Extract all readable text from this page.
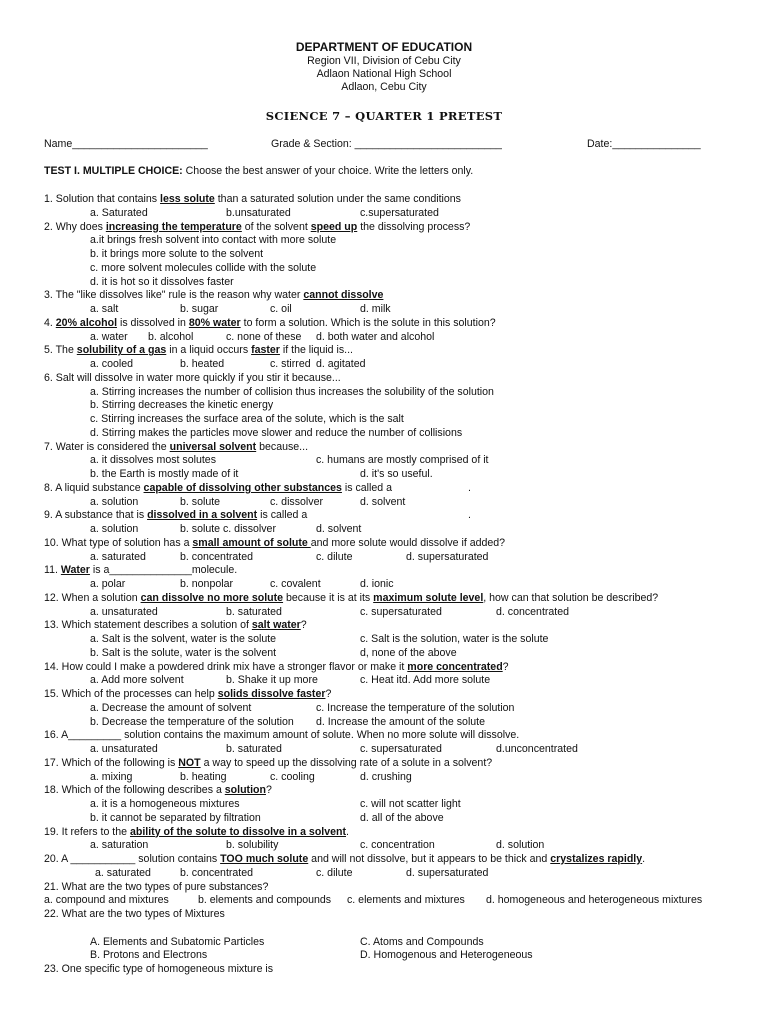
DEPARTMENT OF EDUCATION
Region VII, Division of Cebu City
Adlaon National High School
Adlaon, Cebu City
SCIENCE 7 – QUARTER 1 PRETEST
Name_______________________	Grade & Section: _________________________	Date:_______________
TEST I. MULTIPLE CHOICE: Choose the best answer of your choice. Write the letters only.
1. Solution that contains less solute than a saturated solution under the same conditions
a. Saturated	b.unsaturated	c.supersaturated
2. Why does increasing the temperature of the solvent speed up the dissolving process?
a.it brings fresh solvent into contact with more solute
b. it brings more solute to the solvent
c. more solvent molecules collide with the solute
d. it is hot so it dissolves faster
3. The "like dissolves like" rule is the reason why water cannot dissolve
a. salt	b. sugar	c. oil	d. milk
4. 20% alcohol is dissolved in 80% water to form a solution. Which is the solute in this solution?
a. water b. alcohol	c. none of these d. both water and alcohol
5. The solubility of a gas in a liquid occurs faster if the liquid is...
a. cooled	b. heated	c. stirred d. agitated
6. Salt will dissolve in water more quickly if you stir it because...
a. Stirring increases the number of collision thus increases the solubility of the solution
b. Stirring decreases the kinetic energy
c. Stirring increases the surface area of the solute, which is the salt
d. Stirring makes the particles move slower and reduce the number of collisions
7. Water is considered the universal solvent because...
a. it dissolves most solutes	c. humans are mostly comprised of it
b. the Earth is mostly made of it	d. it's so useful.
8. A liquid substance capable of dissolving other substances is called a	.
a. solution	b. solute	c. dissolver	d. solvent
9. A substance that is dissolved in a solvent is called a	.
a. solution	b. solute c. dissolver	d. solvent
10. What type of solution has a small amount of solute and more solute would dissolve if added?
a. saturated	b. concentrated	c. dilute	d. supersaturated
11. Water is a______________molecule.
a. polar	b. nonpolar	c. covalent	d. ionic
12. When a solution can dissolve no more solute because it is at its maximum solute level, how can that solution be described?
a. unsaturated	b. saturated	c. supersaturated	d. concentrated
13. Which statement describes a solution of salt water?
a. Salt is the solvent, water is the solute	c. Salt is the solution, water is the solute
b. Salt is the solute, water is the solvent	d, none of the above
14. How could I make a powdered drink mix have a stronger flavor or make it more concentrated?
a. Add more solvent	b. Shake it up more	c. Heat itd. Add more solute
15. Which of the processes can help solids dissolve faster?
a. Decrease the amount of solvent	c. Increase the temperature of the solution
b. Decrease the temperature of the solution d. Increase the amount of the solute
16. A_________ solution contains the maximum amount of solute. When no more solute will dissolve.
a. unsaturated	b. saturated	c. supersaturated	d.unconcentrated
17. Which of the following is NOT a way to speed up the dissolving rate of a solute in a solvent?
a. mixing	b. heating	c. cooling	d. crushing
18. Which of the following describes a solution?
a. it is a homogeneous mixtures	c. will not scatter light
b. it cannot be separated by filtration	d. all of the above
19. It refers to the ability of the solute to dissolve in a solvent.
a. saturation	b. solubility	c. concentration	d. solution
20. A ___________ solution contains TOO much solute and will not dissolve, but it appears to be thick and crystalizes rapidly.
a. saturated	b. concentrated	c. dilute	d. supersaturated
21. What are the two types of pure substances?
a. compound and mixtures	b. elements and compounds c. elements and mixtures d. homogeneous and heterogeneous mixtures
22. What are the two types of Mixtures
A. Elements and Subatomic Particles	C. Atoms and Compounds
B. Protons and Electrons	D. Homogenous and Heterogeneous
23. One specific type of homogeneous mixture is
